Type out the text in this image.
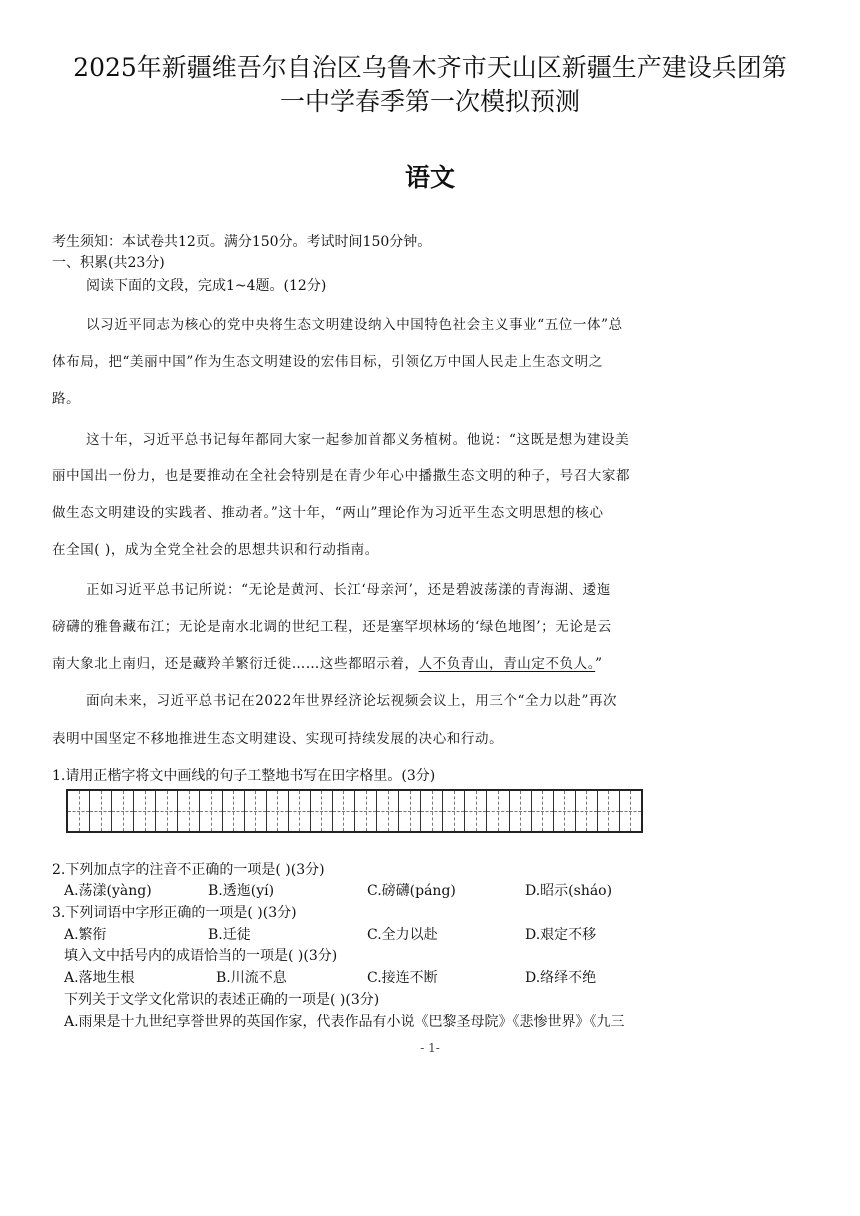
2025年新疆维吾尔自治区乌鲁木齐市天山区新疆生产建设兵团第
一中学春季第一次模拟预测
语文
考生须知：本试卷共12页。满分150分。考试时间150分钟。
一、积累(共23分)
阅读下面的文段，完成1~4题。(12分)
以习近平同志为核心的党中央将生态文明建设纳入中国特色社会主义事业“五位一体”总
体布局，把“美丽中国”作为生态文明建设的宏伟目标，引领亿万中国人民走上生态文明之
路。
这十年，习近平总书记每年都同大家一起参加首都义务植树。他说：“这既是想为建设美
丽中国出一份力，也是要推动在全社会特别是在青少年心中播撒生态文明的种子，号召大家都
做生态文明建设的实践者、推动者。”这十年，“两山”理论作为习近平生态文明思想的核心
在全国( )，成为全党全社会的思想共识和行动指南。
正如习近平总书记所说：“无论是黄河、长江‘母亲河’，还是碧波荡漾的青海湖、逶迤
磅礴的雅鲁藏布江；无论是南水北调的世纪工程，还是塞罕坝林场的‘绿色地图’；无论是云
南大象北上南归，还是藏羚羊繁衍迁徙……这些都昭示着，人不负青山，青山定不负人。”
面向未来，习近平总书记在2022年世界经济论坛视频会议上，用三个“全力以赴”再次
表明中国坚定不移地推进生态文明建设、实现可持续发展的决心和行动。
1.请用正楷字将文中画线的句子工整地书写在田字格里。(3分)
2.下列加点字的注音不正确的一项是( )(3分)
A.荡漾(yàng)	B.透迤(yí)	C.磅礴(páng)	D.昭示(sháo)
3.下列词语中字形正确的一项是( )(3分)
A.繁衔	B.迁徒	C.全力以赴	D.艰定不移
填入文中括号内的成语恰当的一项是( )(3分)
A.落地生根	B.川流不息	C.接连不断	D.络绎不绝
下列关于文学文化常识的表述正确的一项是( )(3分)
A.雨果是十九世纪享誉世界的英国作家，代表作品有小说《巴黎圣母院》《悲惨世界》《九三
- 1-
